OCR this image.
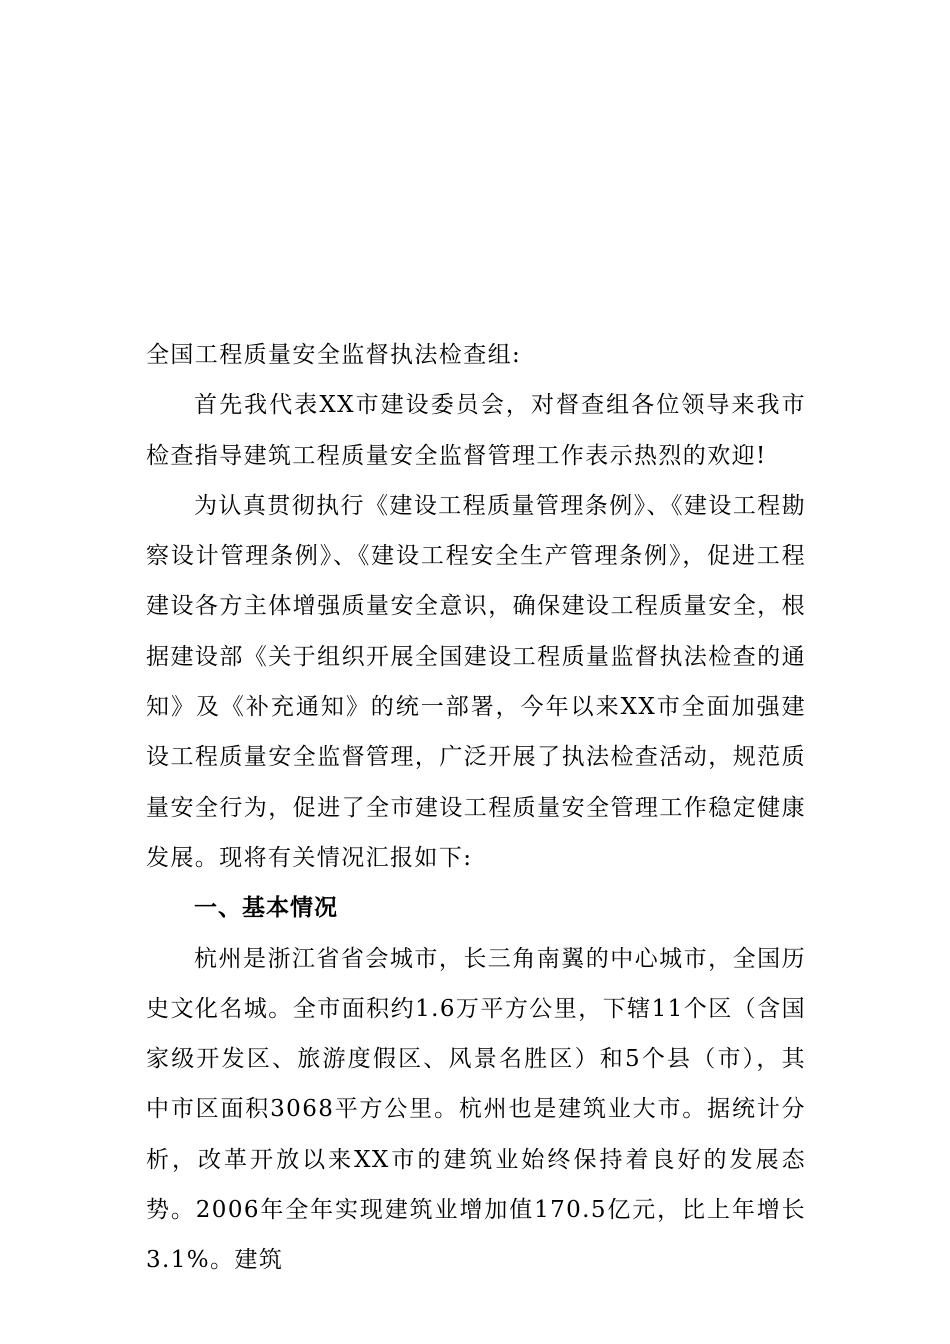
全国工程质量安全监督执法检查组:

首先我代表XX市建设委员会，对督查组各位领导来我市检查指导建筑工程质量安全监督管理工作表示热烈的欢迎!

为认真贯彻执行《建设工程质量管理条例》、《建设工程勘察设计管理条例》、《建设工程安全生产管理条例》，促进工程建设各方主体增强质量安全意识，确保建设工程质量安全，根据建设部《关于组织开展全国建设工程质量监督执法检查的通知》及《补充通知》的统一部署，今年以来XX市全面加强建设工程质量安全监督管理，广泛开展了执法检查活动，规范质量安全行为，促进了全市建设工程质量安全管理工作稳定健康发展。现将有关情况汇报如下:

一、基本情况

杭州是浙江省省会城市，长三角南翼的中心城市，全国历史文化名城。全市面积约1.6万平方公里，下辖11个区（含国家级开发区、旅游度假区、风景名胜区）和5个县（市），其中市区面积3068平方公里。杭州也是建筑业大市。据统计分析，改革开放以来XX市的建筑业始终保持着良好的发展态势。2006年全年实现建筑业增加值170.5亿元，比上年增长3.1%。建筑
